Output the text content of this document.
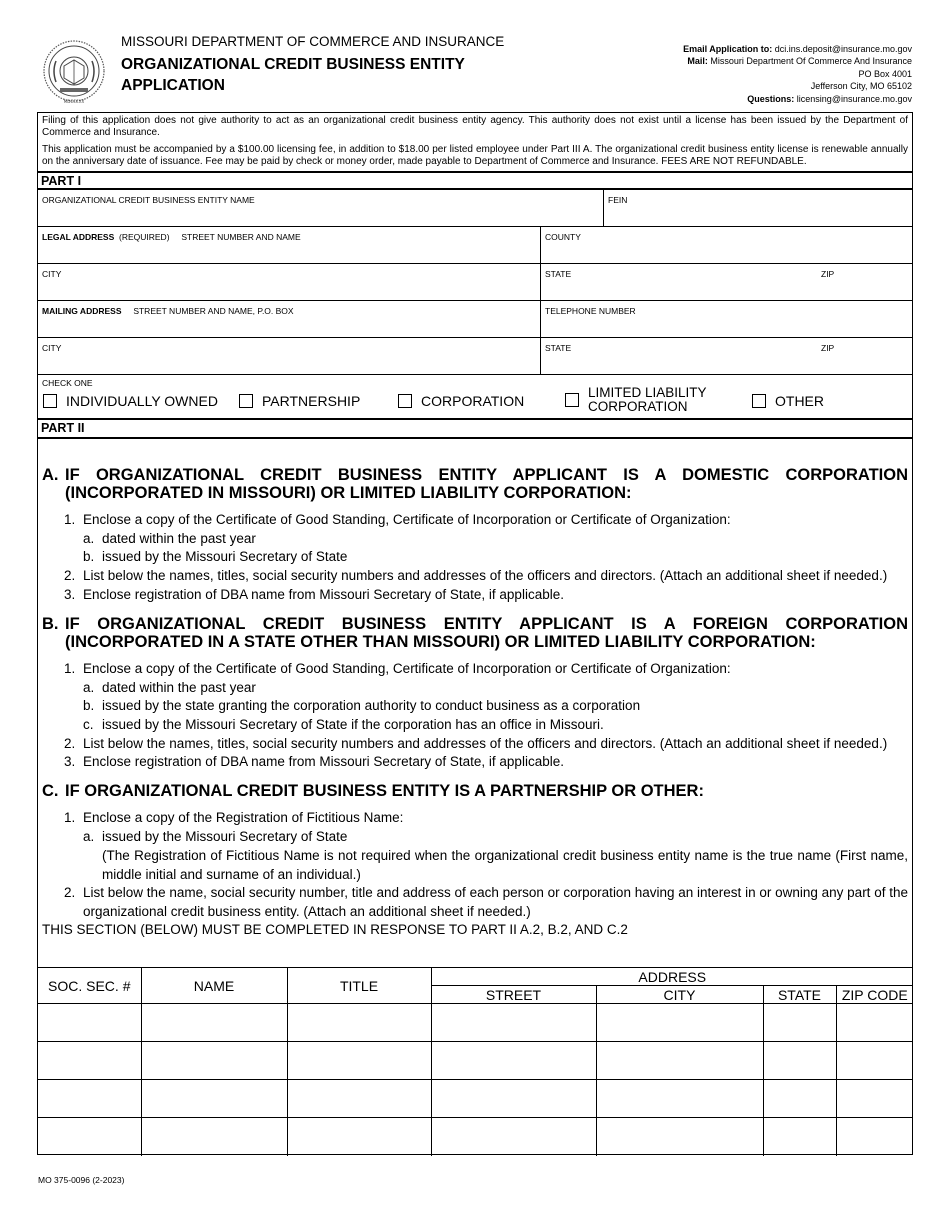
MDCCCXX
MISSOURI DEPARTMENT OF COMMERCE AND INSURANCE
ORGANIZATIONAL CREDIT BUSINESS ENTITY APPLICATION
Email Application to: dci.ins.deposit@insurance.mo.gov
Mail: Missouri Department Of Commerce And Insurance
PO Box 4001
Jefferson City, MO 65102
Questions: licensing@insurance.mo.gov

Filing of this application does not give authority to act as an organizational credit business entity agency. This authority does not exist until a license has been issued by the Department of Commerce and Insurance.

This application must be accompanied by a $100.00 licensing fee, in addition to $18.00 per listed employee under Part III A. The organizational credit business entity license is renewable annually on the anniversary date of issuance. Fee may be paid by check or money order, made payable to Department of Commerce and Insurance. FEES ARE NOT REFUNDABLE.

PART I
ORGANIZATIONAL CREDIT BUSINESS ENTITY NAME	FEIN
LEGAL ADDRESS (REQUIRED) STREET NUMBER AND NAME	COUNTY
CITY	STATE	ZIP
MAILING ADDRESS STREET NUMBER AND NAME, P.O. BOX	TELEPHONE NUMBER
CITY	STATE	ZIP
CHECK ONE
INDIVIDUALLY OWNED	PARTNERSHIP	CORPORATION
LIMITED LIABILITY
CORPORATION	OTHER
PART II
A. IF ORGANIZATIONAL CREDIT BUSINESS ENTITY APPLICANT IS A DOMESTIC CORPORATION
(INCORPORATED IN MISSOURI) OR LIMITED LIABILITY CORPORATION:
1. Enclose a copy of the Certificate of Good Standing, Certificate of Incorporation or Certificate of Organization:
a. dated within the past year
b. issued by the Missouri Secretary of State
2. List below the names, titles, social security numbers and addresses of the officers and directors. (Attach an additional sheet if needed.)
3. Enclose registration of DBA name from Missouri Secretary of State, if applicable.
B. IF ORGANIZATIONAL CREDIT BUSINESS ENTITY APPLICANT IS A FOREIGN CORPORATION
(INCORPORATED IN A STATE OTHER THAN MISSOURI) OR LIMITED LIABILITY CORPORATION:
1. Enclose a copy of the Certificate of Good Standing, Certificate of Incorporation or Certificate of Organization:
a. dated within the past year
b. issued by the state granting the corporation authority to conduct business as a corporation
c. issued by the Missouri Secretary of State if the corporation has an office in Missouri.
2. List below the names, titles, social security numbers and addresses of the officers and directors. (Attach an additional sheet if needed.)
3. Enclose registration of DBA name from Missouri Secretary of State, if applicable.
C. IF ORGANIZATIONAL CREDIT BUSINESS ENTITY IS A PARTNERSHIP OR OTHER:
1. Enclose a copy of the Registration of Fictitious Name:
a. issued by the Missouri Secretary of State
(The Registration of Fictitious Name is not required when the organizational credit business entity name is the true name (First name, middle initial and surname of an individual.)
2. List below the name, social security number, title and address of each person or corporation having an interest in or owning any part of the organizational credit business entity. (Attach an additional sheet if needed.)
THIS SECTION (BELOW) MUST BE COMPLETED IN RESPONSE TO PART II A.2, B.2, AND C.2
SOC. SEC. #	NAME	TITLE	ADDRESS			
			STREET	CITY	STATE	ZIP CODE

MO 375-0096 (2-2023)
